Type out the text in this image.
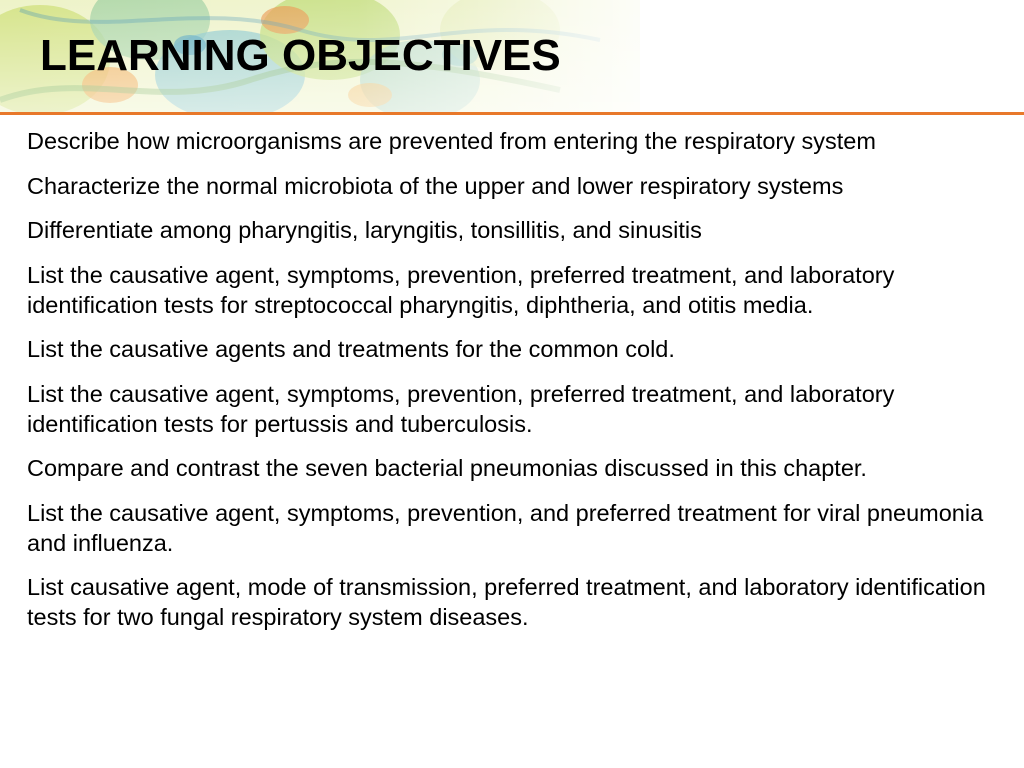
LEARNING OBJECTIVES
Describe how microorganisms are prevented from entering the respiratory system
Characterize the normal microbiota of the upper and lower respiratory systems
Differentiate among pharyngitis, laryngitis, tonsillitis, and sinusitis
List the causative agent, symptoms, prevention, preferred treatment, and laboratory identification tests for streptococcal pharyngitis, diphtheria, and otitis media.
List the causative agents and treatments for the common cold.
List the causative agent, symptoms, prevention, preferred treatment, and laboratory identification tests for pertussis and tuberculosis.
Compare and contrast the seven bacterial pneumonias discussed in this chapter.
List the causative agent, symptoms, prevention, and preferred treatment for viral pneumonia and influenza.
List causative agent, mode of transmission, preferred treatment, and laboratory identification tests for two fungal respiratory system diseases.
